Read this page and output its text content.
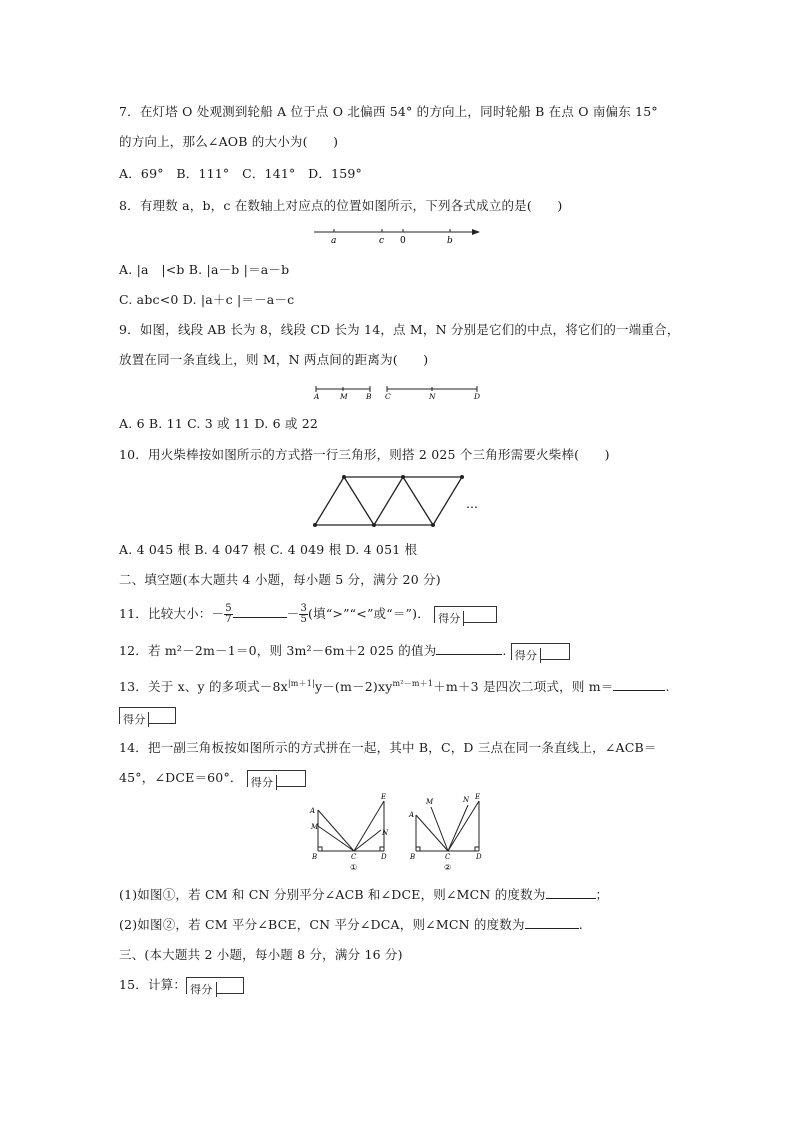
7．在灯塔 O 处观测到轮船 A 位于点 O 北偏西 54° 的方向上，同时轮船 B 在点 O 南偏东 15°
的方向上，那么∠AOB 的大小为(　　)
A．69°　B．111°　C．141°　D．159°
8．有理数 a，b，c 在数轴上对应点的位置如图所示，下列各式成立的是(　　)
a	c 0	b
A. |a　|<b B. |a－b |＝a－b
C. abc<0 D. |a＋c |＝－a－c
9．如图，线段 AB 长为 8，线段 CD 长为 14，点 M，N 分别是它们的中点，将它们的一端重合，
放置在同一条直线上，则 M，N 两点间的距离为(　　)
A	M B C	N	D
A. 6 B. 11 C. 3 或 11 D. 6 或 22
10．用火柴棒按如图所示的方式搭一行三角形，则搭 2 025 个三角形需要火柴棒(　　)
…
A. 4 045 根 B. 4 047 根 C. 4 049 根 D. 4 051 根
二、填空题(本大题共 4 小题，每小题 5 分，满分 20 分)
11．比较大小：－ $\frac{5}{7}$	－ $\frac{3}{5}$ (填“>”“<”或“＝”)． 得分
12．若 m²－2m－1＝0，则 3m²－6m＋2 025 的值为	. 得分
13．关于 x、y 的多项式$-8x^{|m+1|}y-(m-2)xy^{m^2-m+1}+m+3$ 是四次二项式，则 m＝	.
得分
14．把一副三角板按如图所示的方式拼在一起，其中 B，C，D 三点在同一条直线上，∠ACB＝
45°，∠DCE＝60°． 得分
A
M
B	C
N
E
D
①
M
A
B	C
N E
D
②
(1)如图①，若 CM 和 CN 分别平分∠ACB 和∠DCE，则∠MCN 的度数为	；
(2)如图②，若 CM 平分∠BCE，CN 平分∠DCA，则∠MCN 的度数为	.
三、(本大题共 2 小题，每小题 8 分，满分 16 分)
15．计算： 得分
